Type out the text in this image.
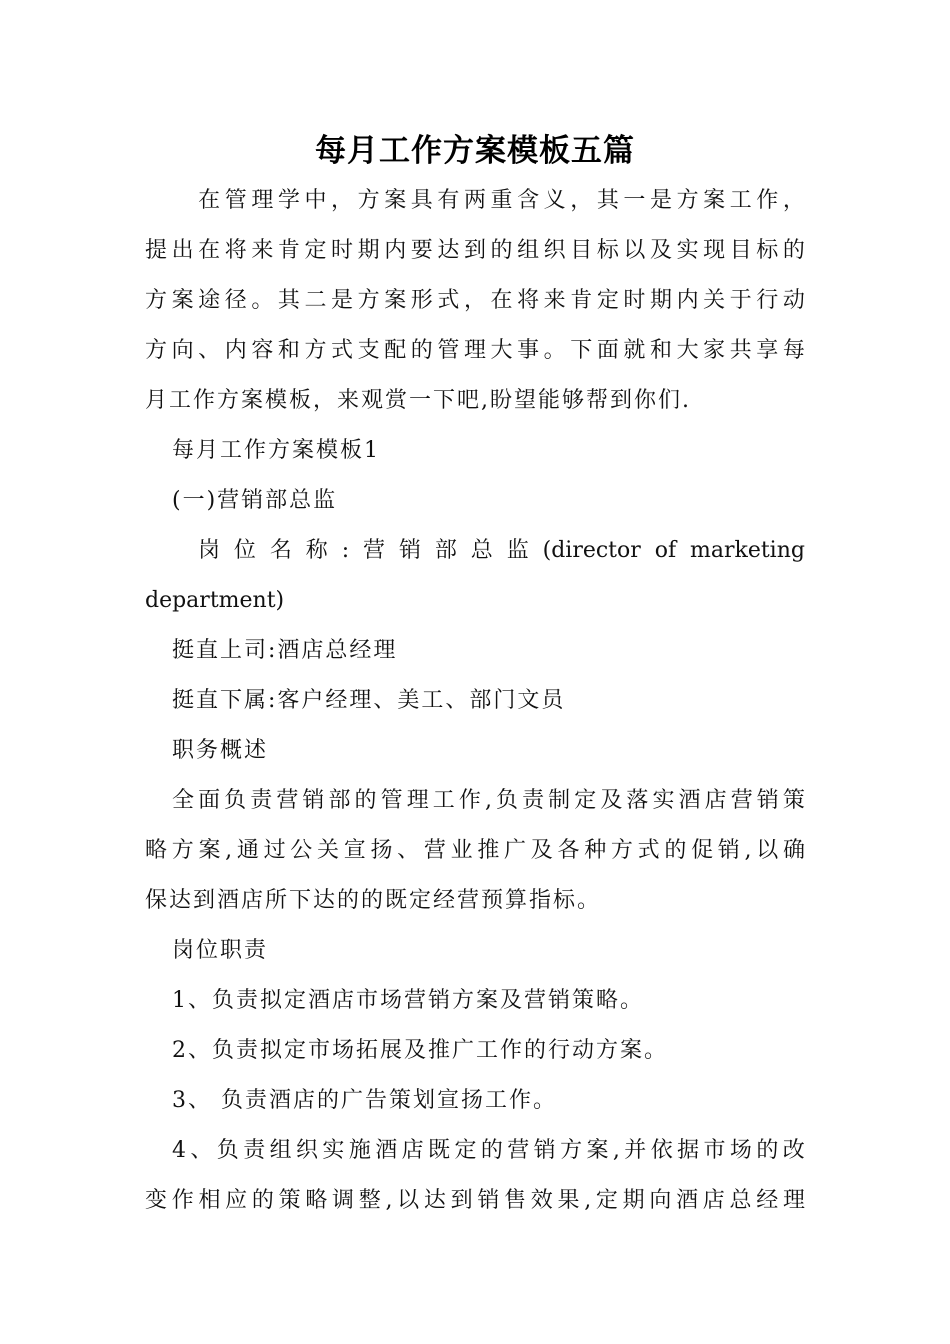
每月工作方案模板五篇

在 管 理 学 中 ， 方 案 具 有 两 重 含 义 ， 其 一 是 方 案 工 作 ，
提 出 在 将 来 肯 定 时 期 内 要 达 到 的 组 织 目 标 以 及 实 现 目 标 的
方 案 途 径 。 其 二 是 方 案 形 式 ， 在 将 来 肯 定 时 期 内 关 于 行 动
方 向 、 内 容 和 方 式 支 配 的 管 理 大 事 。 下 面 就 和 大 家 共 享 每
月工作方案模板，来观赏一下吧,盼望能够帮到你们.
每月工作方案模板1
(一)营销部总监
岗 位 名 称 : 营 销 部 总 监 (director of marketing
department)
挺直上司:酒店总经理
挺直下属:客户经理、美工、部门文员
职务概述
全 面 负 责 营 销 部 的 管 理 工 作 , 负 责 制 定 及 落 实 酒 店 营 销 策
略 方 案 , 通 过 公 关 宣 扬 、 营 业 推 广 及 各 种 方 式 的 促 销 , 以 确
保达到酒店所下达的的既定经营预算指标。
岗位职责
1、负责拟定酒店市场营销方案及营销策略。
2、负责拟定市场拓展及推广工作的行动方案。
3、 负责酒店的广告策划宣扬工作。
4 、 负 责 组 织 实 施 酒 店 既 定 的 营 销 方 案 , 并 依 据 市 场 的 改
变 作 相 应 的 策 略 调 整 , 以 达 到 销 售 效 果 , 定 期 向 酒 店 总 经 理
